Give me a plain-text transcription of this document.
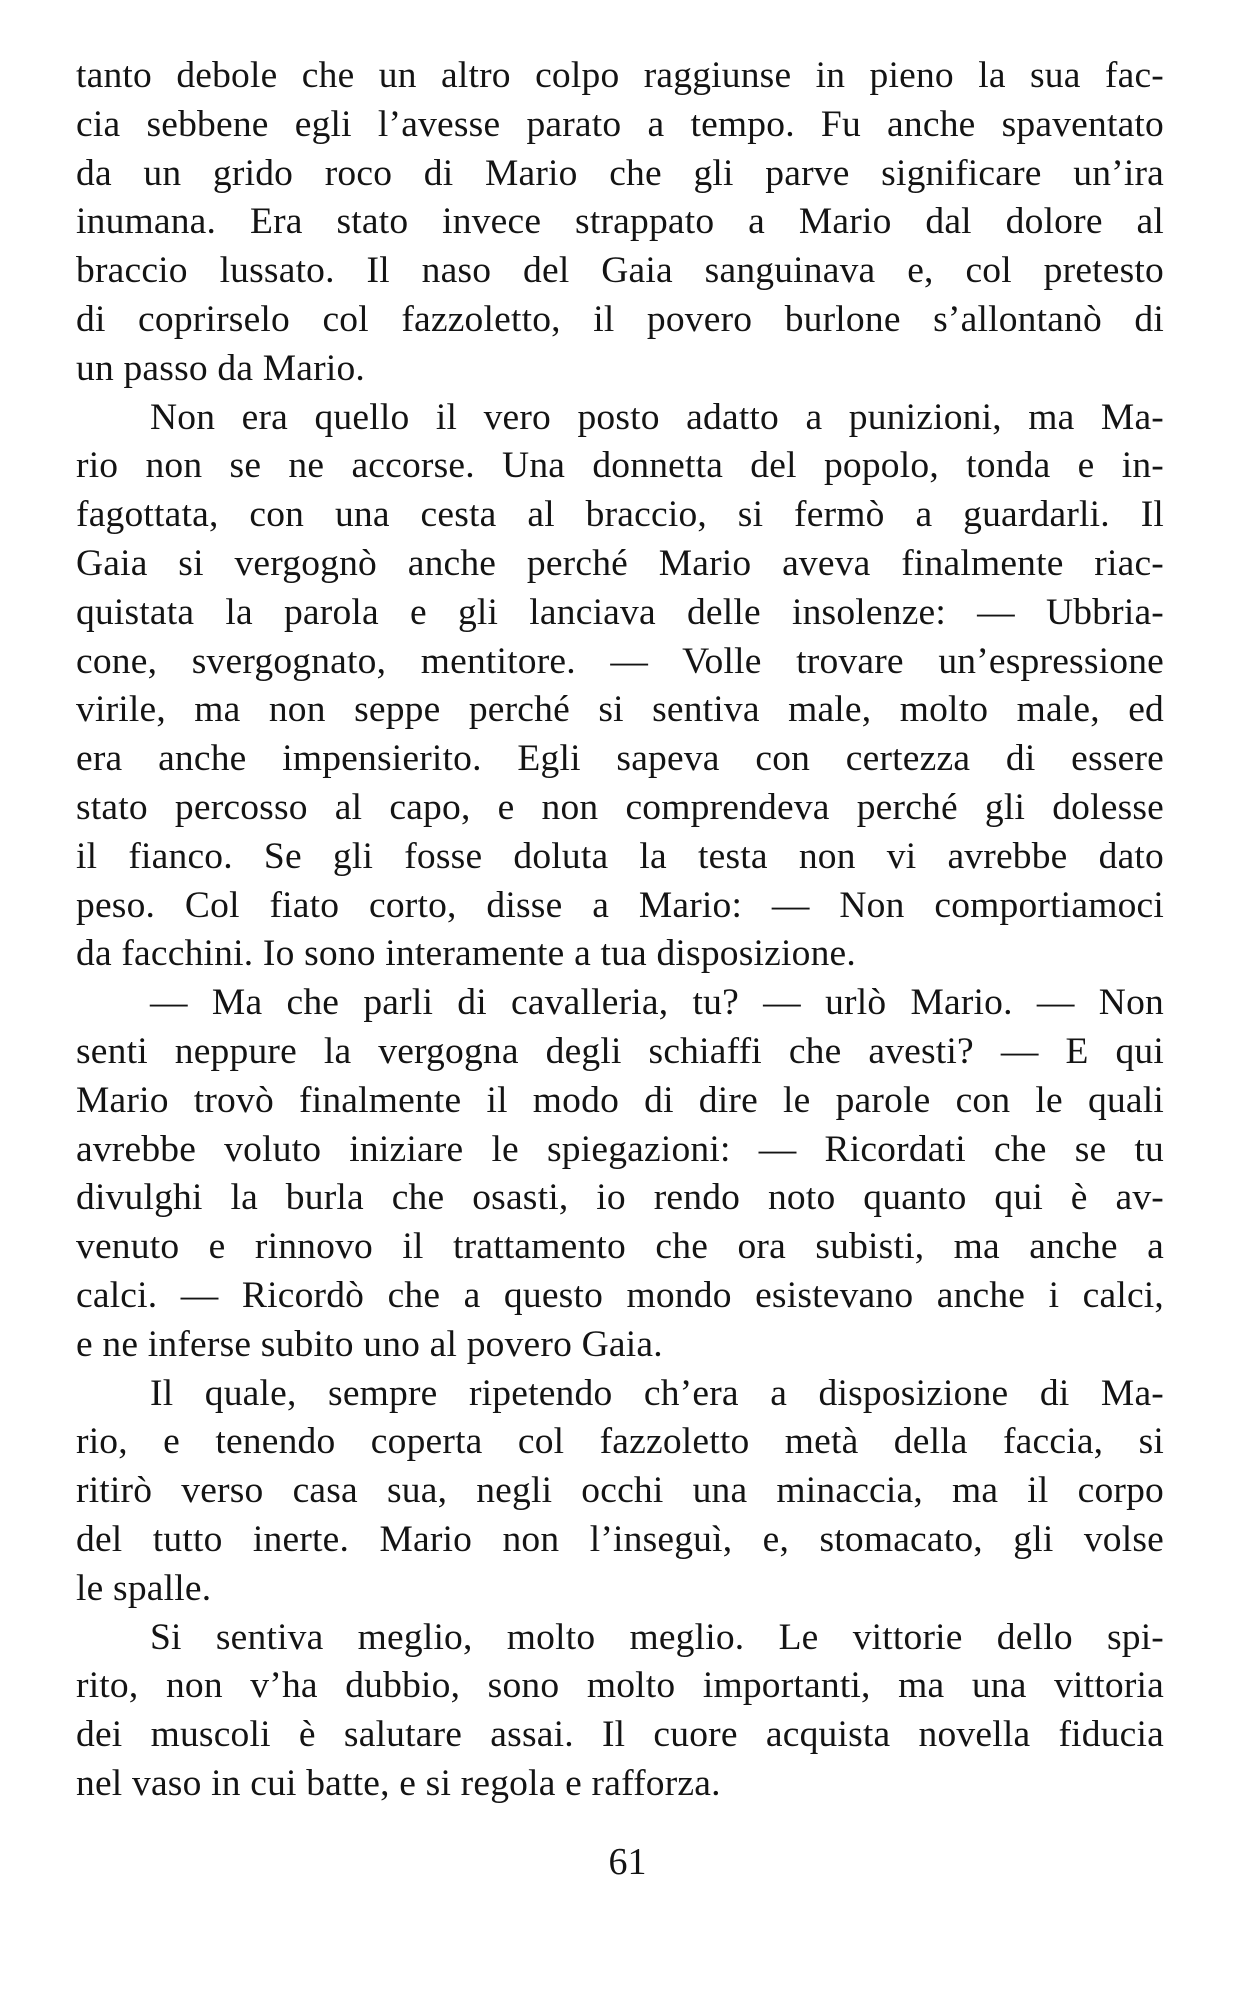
tanto debole che un altro colpo raggiunse in pieno la sua fac-
cia sebbene egli l’avesse parato a tempo. Fu anche spaventato
da un grido roco di Mario che gli parve significare un’ira
inumana. Era stato invece strappato a Mario dal dolore al
braccio lussato. Il naso del Gaia sanguinava e, col pretesto
di coprirselo col fazzoletto, il povero burlone s’allontanò di
un passo da Mario.
Non era quello il vero posto adatto a punizioni, ma Ma-
rio non se ne accorse. Una donnetta del popolo, tonda e in-
fagottata, con una cesta al braccio, si fermò a guardarli. Il
Gaia si vergognò anche perché Mario aveva finalmente riac-
quistata la parola e gli lanciava delle insolenze: — Ubbria-
cone, svergognato, mentitore. — Volle trovare un’espressione
virile, ma non seppe perché si sentiva male, molto male, ed
era anche impensierito. Egli sapeva con certezza di essere
stato percosso al capo, e non comprendeva perché gli dolesse
il fianco. Se gli fosse doluta la testa non vi avrebbe dato
peso. Col fiato corto, disse a Mario: — Non comportiamoci
da facchini. Io sono interamente a tua disposizione.
— Ma che parli di cavalleria, tu? — urlò Mario. — Non
senti neppure la vergogna degli schiaffi che avesti? — E qui
Mario trovò finalmente il modo di dire le parole con le quali
avrebbe voluto iniziare le spiegazioni: — Ricordati che se tu
divulghi la burla che osasti, io rendo noto quanto qui è av-
venuto e rinnovo il trattamento che ora subisti, ma anche a
calci. — Ricordò che a questo mondo esistevano anche i calci,
e ne inferse subito uno al povero Gaia.
Il quale, sempre ripetendo ch’era a disposizione di Ma-
rio, e tenendo coperta col fazzoletto metà della faccia, si
ritirò verso casa sua, negli occhi una minaccia, ma il corpo
del tutto inerte. Mario non l’inseguì, e, stomacato, gli volse
le spalle.
Si sentiva meglio, molto meglio. Le vittorie dello spi-
rito, non v’ha dubbio, sono molto importanti, ma una vittoria
dei muscoli è salutare assai. Il cuore acquista novella fiducia
nel vaso in cui batte, e si regola e rafforza.
61
